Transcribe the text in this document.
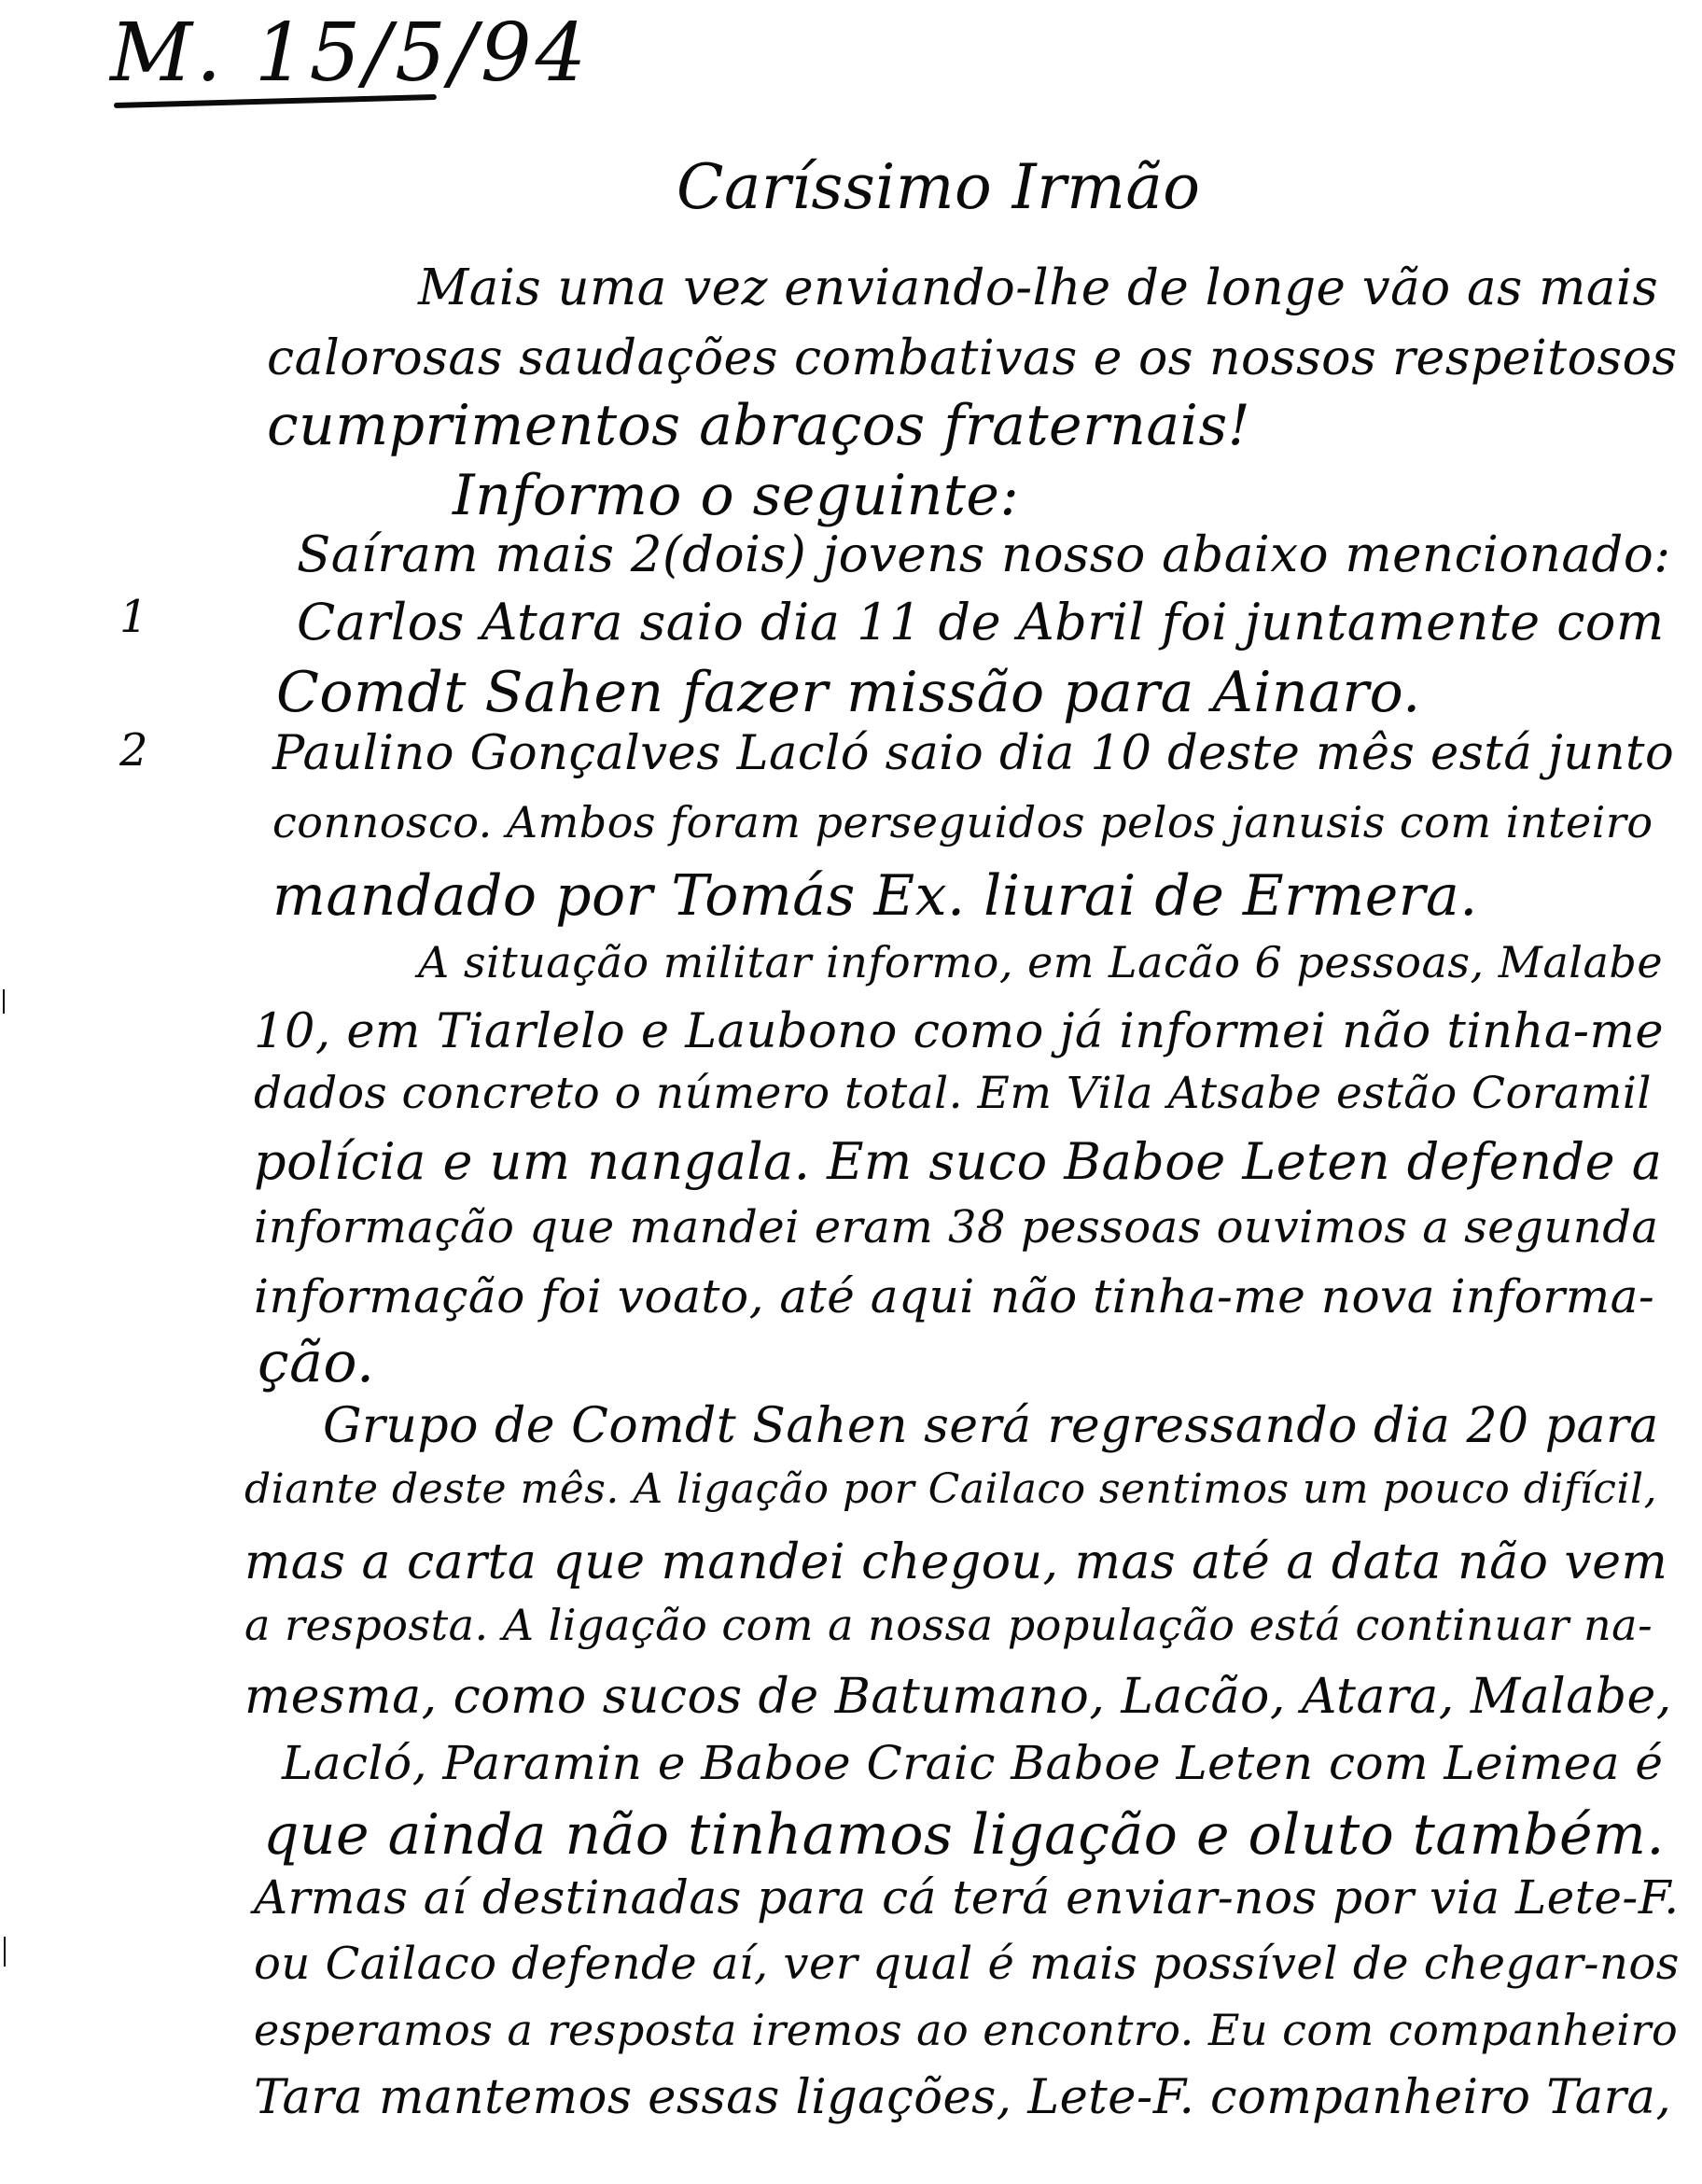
M. 15/5/94
Caríssimo Irmão
1
2
Mais uma vez enviando-lhe de longe vão as mais
calorosas saudações combativas e os nossos respeitosos
cumprimentos abraços fraternais!
Informo o seguinte:
Saíram mais 2(dois) jovens nosso abaixo mencionado:
Carlos Atara saio dia 11 de Abril foi juntamente com
Comdt Sahen fazer missão para Ainaro.
Paulino Gonçalves Lacló saio dia 10 deste mês está junto
connosco. Ambos foram perseguidos pelos janusis com inteiro
mandado por Tomás Ex. liurai de Ermera.
A situação militar informo, em Lacão 6 pessoas, Malabe
10, em Tiarlelo e Laubono como já informei não tinha-me
dados concreto o número total. Em Vila Atsabe estão Coramil
polícia e um nangala. Em suco Baboe Leten defende a
informação que mandei eram 38 pessoas ouvimos a segunda
informação foi voato, até aqui não tinha-me nova informa-
ção.
Grupo de Comdt Sahen será regressando dia 20 para
diante deste mês. A ligação por Cailaco sentimos um pouco difícil,
mas a carta que mandei chegou, mas até a data não vem
a resposta. A ligação com a nossa população está continuar na-
mesma, como sucos de Batumano, Lacão, Atara, Malabe,
Lacló, Paramin e Baboe Craic Baboe Leten com Leimea é
que ainda não tinhamos ligação e oluto também.
Armas aí destinadas para cá terá enviar-nos por via Lete-F.
ou Cailaco defende aí, ver qual é mais possível de chegar-nos
esperamos a resposta iremos ao encontro. Eu com companheiro
Tara mantemos essas ligações, Lete-F. companheiro Tara,
